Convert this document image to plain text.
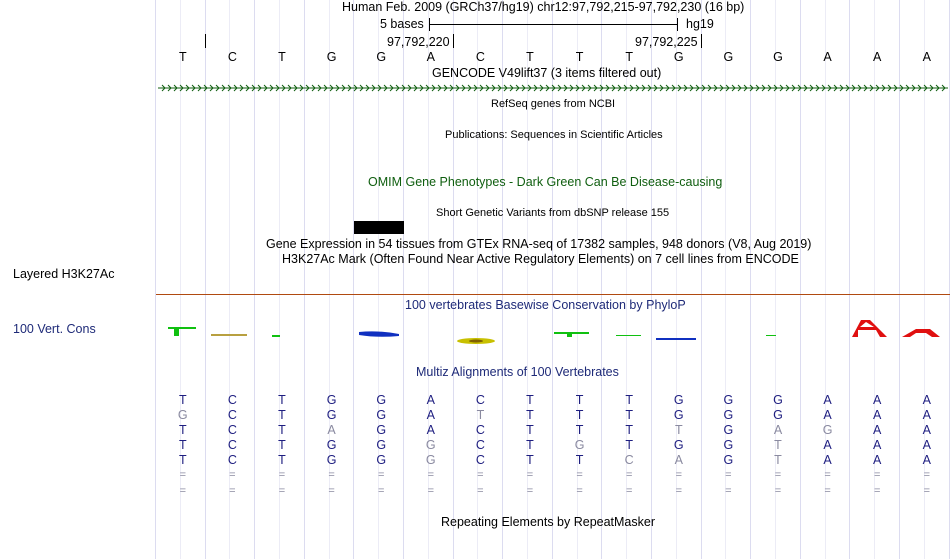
Layered H3K27Ac
100 Vert. Cons
Human Feb. 2009 (GRCh37/hg19) chr12:97,792,215-97,792,230 (16 bp)
5 bases	hg19
97,792,220	97,792,225
T	C	T	G	G	A	C	T	T	T	G	G	G	A	A	A
GENCODE V49lift37 (3 items filtered out)
RefSeq genes from NCBI
Publications: Sequences in Scientific Articles
OMIM Gene Phenotypes - Dark Green Can Be Disease-causing
Short Genetic Variants from dbSNP release 155
Gene Expression in 54 tissues from GTEx RNA-seq of 17382 samples, 948 donors (V8, Aug 2019)
H3K27Ac Mark (Often Found Near Active Regulatory Elements) on 7 cell lines from ENCODE
100 vertebrates Basewise Conservation by PhyloP
Multiz Alignments of 100 Vertebrates
T	C	T	G	G	A	C	T	T	T	G	G	G	A	A	A
G	C	T	G	G	A	T	T	T	T	G	G	G	A	A	A
T	C	T	A	G	A	C	T	T	T	T	G	A	G	A	A
T	C	T	G	G	G	C	T	G	T	G	G	T	A	A	A
T	C	T	G	G	G	C	T	T	C	A	G	T	A	A	A
=	=	=	=	=	=	=	=	=	=	=	=	=	=	=	=
=	=	=	=	=	=	=	=	=	=	=	=	=	=	=	=
Repeating Elements by RepeatMasker
